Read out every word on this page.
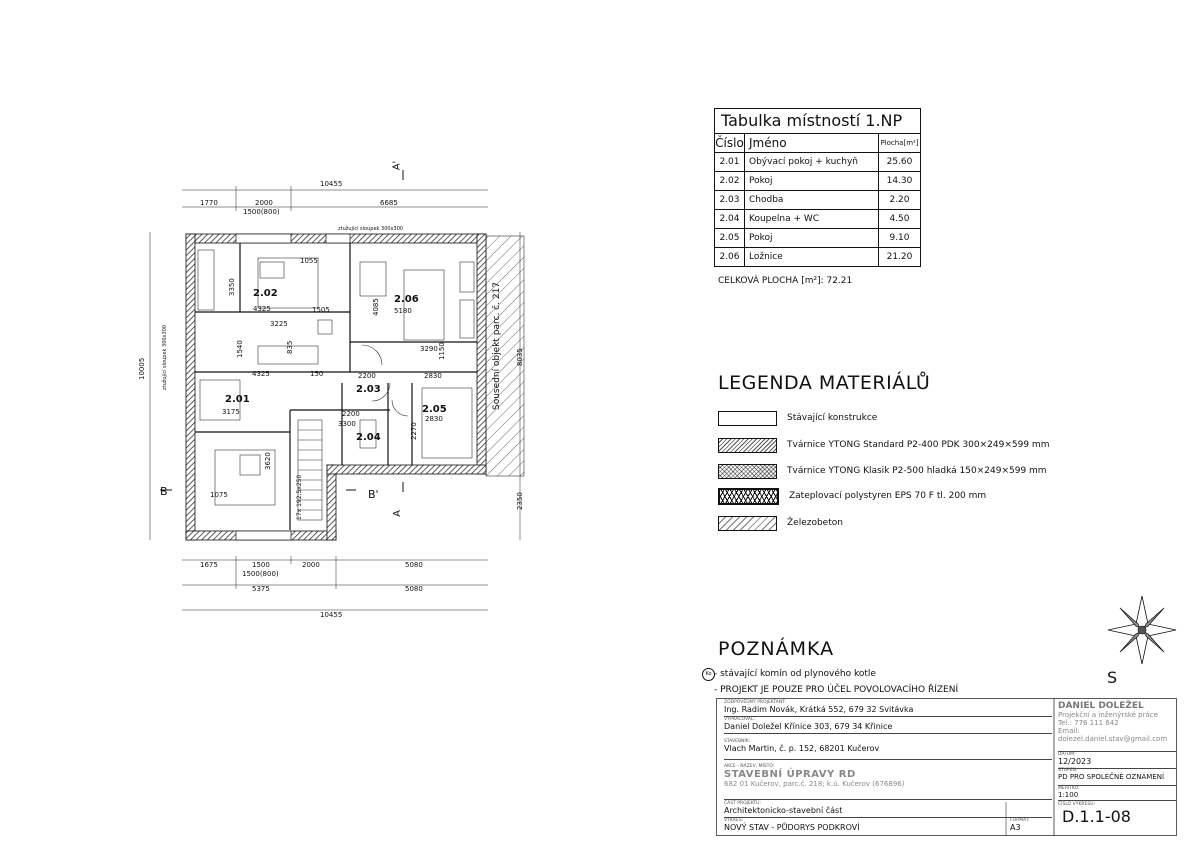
10455
1770	2000
1500(800)
6685
ztužující sloupek 300x300
1675	1500
1500(800)
2000	5080
5375	5080
10455
10005	ztužující sloupek 300x300	8035
2350
Sousední objekt parc. č. 217
2.01
3175
2.02
4325
2.03
2200
2.04
2200	2.05
2830
2.06
5180
17x 192,5x250
3350
1055
1505
3225
835
4325
3290
150
1540
2830
2270
3300
3620
1075
4085
1150
A'
A
B	B'
Tabulka místností 1.NP
Číslo Jméno	Plocha[m²]
2.01	Obývací pokoj + kuchyň	25.60
2.02	Pokoj	14.30
2.03	Chodba	2.20
2.04	Koupelna + WC	4.50
2.05	Pokoj	9.10
2.06	Ložnice	21.20
CELKOVÁ PLOCHA [m²]: 72.21
LEGENDA MATERIÁLŮ
Stávající konstrukce
Tvárnice YTONG Standard P2-400 PDK 300×249×599 mm
Tvárnice YTONG Klasik P2-500 hladká 150×249×599 mm
Zateplovací polystyren EPS 70 F tl. 200 mm
Železobeton
S
POZNÁMKA
Ko - stávající komín od plynového kotle
- PROJEKT JE POUZE PRO ÚČEL POVOLOVACÍHO ŘÍZENÍ
ZODPOVĚDNÝ PROJEKTANT:
Ing. Radim Novák, Krátká 552, 679 32 Svitávka
VYPRACOVAL:
Daniel Doležel Křínice 303, 679 34 Křinice
STAVEBNÍK:
Vlach Martin, č. p. 152, 68201 Kučerov
AKCE - NÁZEV, MÍSTO:
STAVEBNÍ ÚPRAVY RD
682 01 Kučerov, parc.č. 218; k.ú. Kučerov (676896)
ČÁST PROJEKTU:
Architektonicko-stavební část
VÝKRES:
NOVÝ STAV - PŮDORYS PODKROVÍ
FORMÁT:
A3
DANIEL DOLEŽEL
Projekční a inženýrské práce
Tel.: 776 111 642
Email:
dolezel.daniel.stav@gmail.com
DATUM:
12/2023
STUPEŇ:
PD PRO SPOLEČNÉ OZNÁMENÍ
MĚŘÍTKO:
1:100
ČÍSLO VÝKRESU:
D.1.1-08
